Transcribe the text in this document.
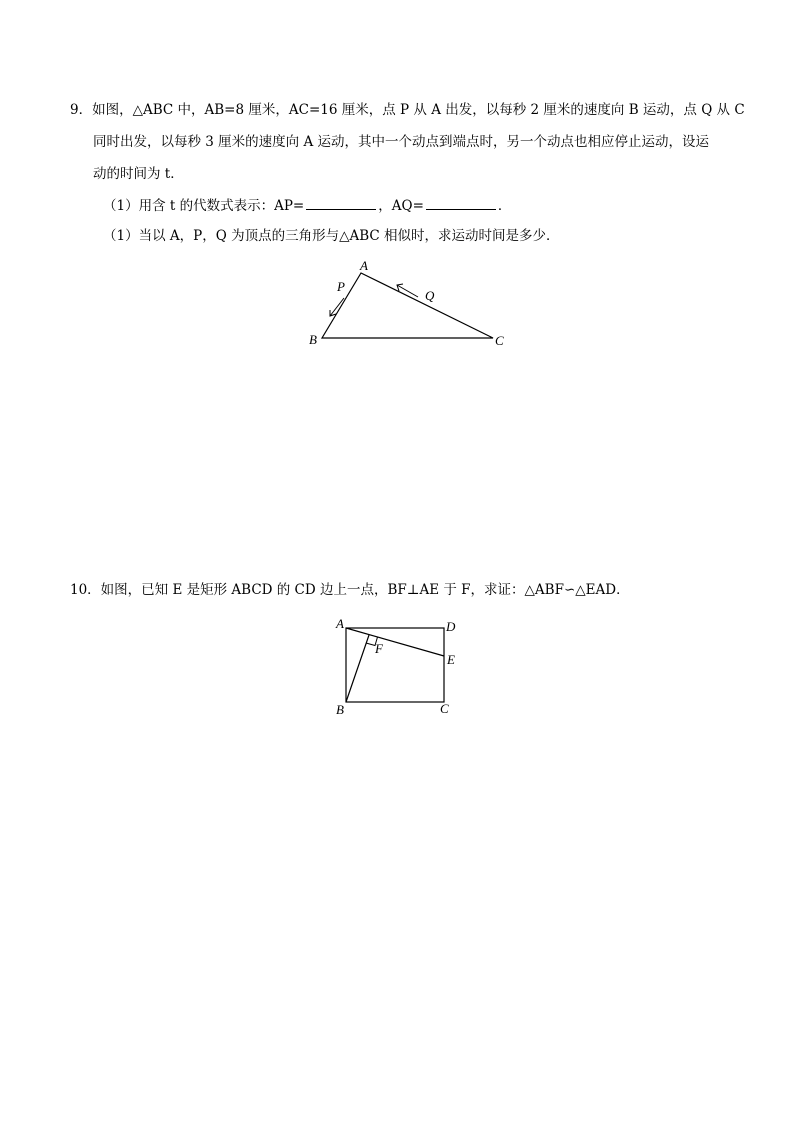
9．如图，△ABC 中，AB=8 厘米，AC=16 厘米，点 P 从 A 出发，以每秒 2 厘米的速度向 B 运动，点 Q 从 C
同时出发，以每秒 3 厘米的速度向 A 运动，其中一个动点到端点时，另一个动点也相应停止运动，设运
动的时间为 t．
（1）用含 t 的代数式表示：AP=	，AQ=	．
（1）当以 A，P，Q 为顶点的三角形与△ABC 相似时，求运动时间是多少．
A
B	C
P
Q
A	D
E
F
B	C
10．如图，已知 E 是矩形 ABCD 的 CD 边上一点，BF⊥AE 于 F，求证：△ABF∽△EAD．
